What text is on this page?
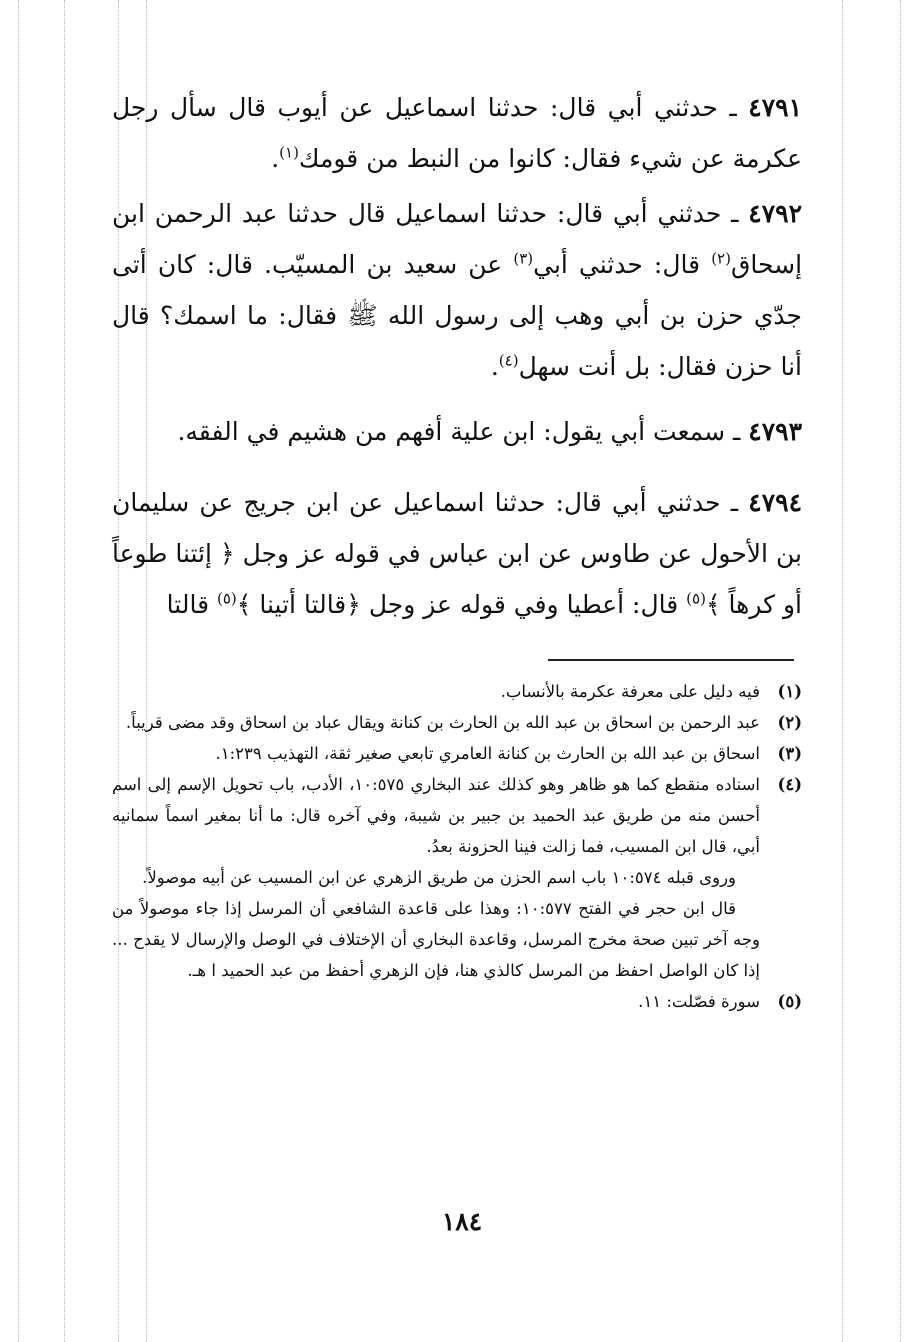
٤٧٩١ ـ حدثني أبي قال: حدثنا اسماعيل عن أيوب قال سأل رجل عكرمة عن شيء فقال: كانوا من النبط من قومك$^{(١)}$.

٤٧٩٢ ـ حدثني أبي قال: حدثنا اسماعيل قال حدثنا عبد الرحمن ابن إسحاق$^{(٢)}$ قال: حدثني أبي$^{(٣)}$ عن سعيد بن المسيّب. قال: كان أتى جدّي حزن بن أبي وهب إلى رسول الله ﷺ فقال: ما اسمك؟ قال أنا حزن فقال: بل أنت سهل$^{(٤)}$.

٤٧٩٣ ـ سمعت أبي يقول: ابن علية أفهم من هشيم في الفقه.

٤٧٩٤ ـ حدثني أبي قال: حدثنا اسماعيل عن ابن جريج عن سليمان بن الأحول عن طاوس عن ابن عباس في قوله عز وجل ﴿ إئتنا طوعاً أو كرهاً ﴾$^{(٥)}$ قال: أعطيا وفي قوله عز وجل ﴿قالتا أتينا ﴾$^{(٥)}$ قالتا

(١)
فيه دليل على معرفة عكرمة بالأنساب.

(٢)
عبد الرحمن بن اسحاق بن عبد الله بن الحارث بن كنانة ويقال عباد بن اسحاق وقد مضى قريباً.

(٣)
اسحاق بن عبد الله بن الحارث بن كنانة العامري تابعي صغير ثقة، التهذيب ١:٢٣٩.

(٤)
اسناده منقطع كما هو ظاهر وهو كذلك عند البخاري ١٠:٥٧٥، الأدب، باب تحويل الإسم إلى اسم أحسن منه من طريق عبد الحميد بن جبير بن شيبة، وفي آخره قال: ما أنا بمغير اسماً سمانيه أبي، قال ابن المسيب، فما زالت فينا الحزونة بعدُ.

وروى قبله ١٠:٥٧٤ باب اسم الحزن من طريق الزهري عن ابن المسيب عن أبيه موصولاً.

قال ابن حجر في الفتح ١٠:٥٧٧: وهذا على قاعدة الشافعي أن المرسل إذا جاء موصولاً من وجه آخر تبين صحة مخرج المرسل، وقاعدة البخاري أن الإختلاف في الوصل والإرسال لا يقدح ... إذا كان الواصل احفظ من المرسل كالذي هنا، فإن الزهري أحفظ من عبد الحميد ا هـ.

(٥)
سورة فصّلت: ١١.

١٨٤
